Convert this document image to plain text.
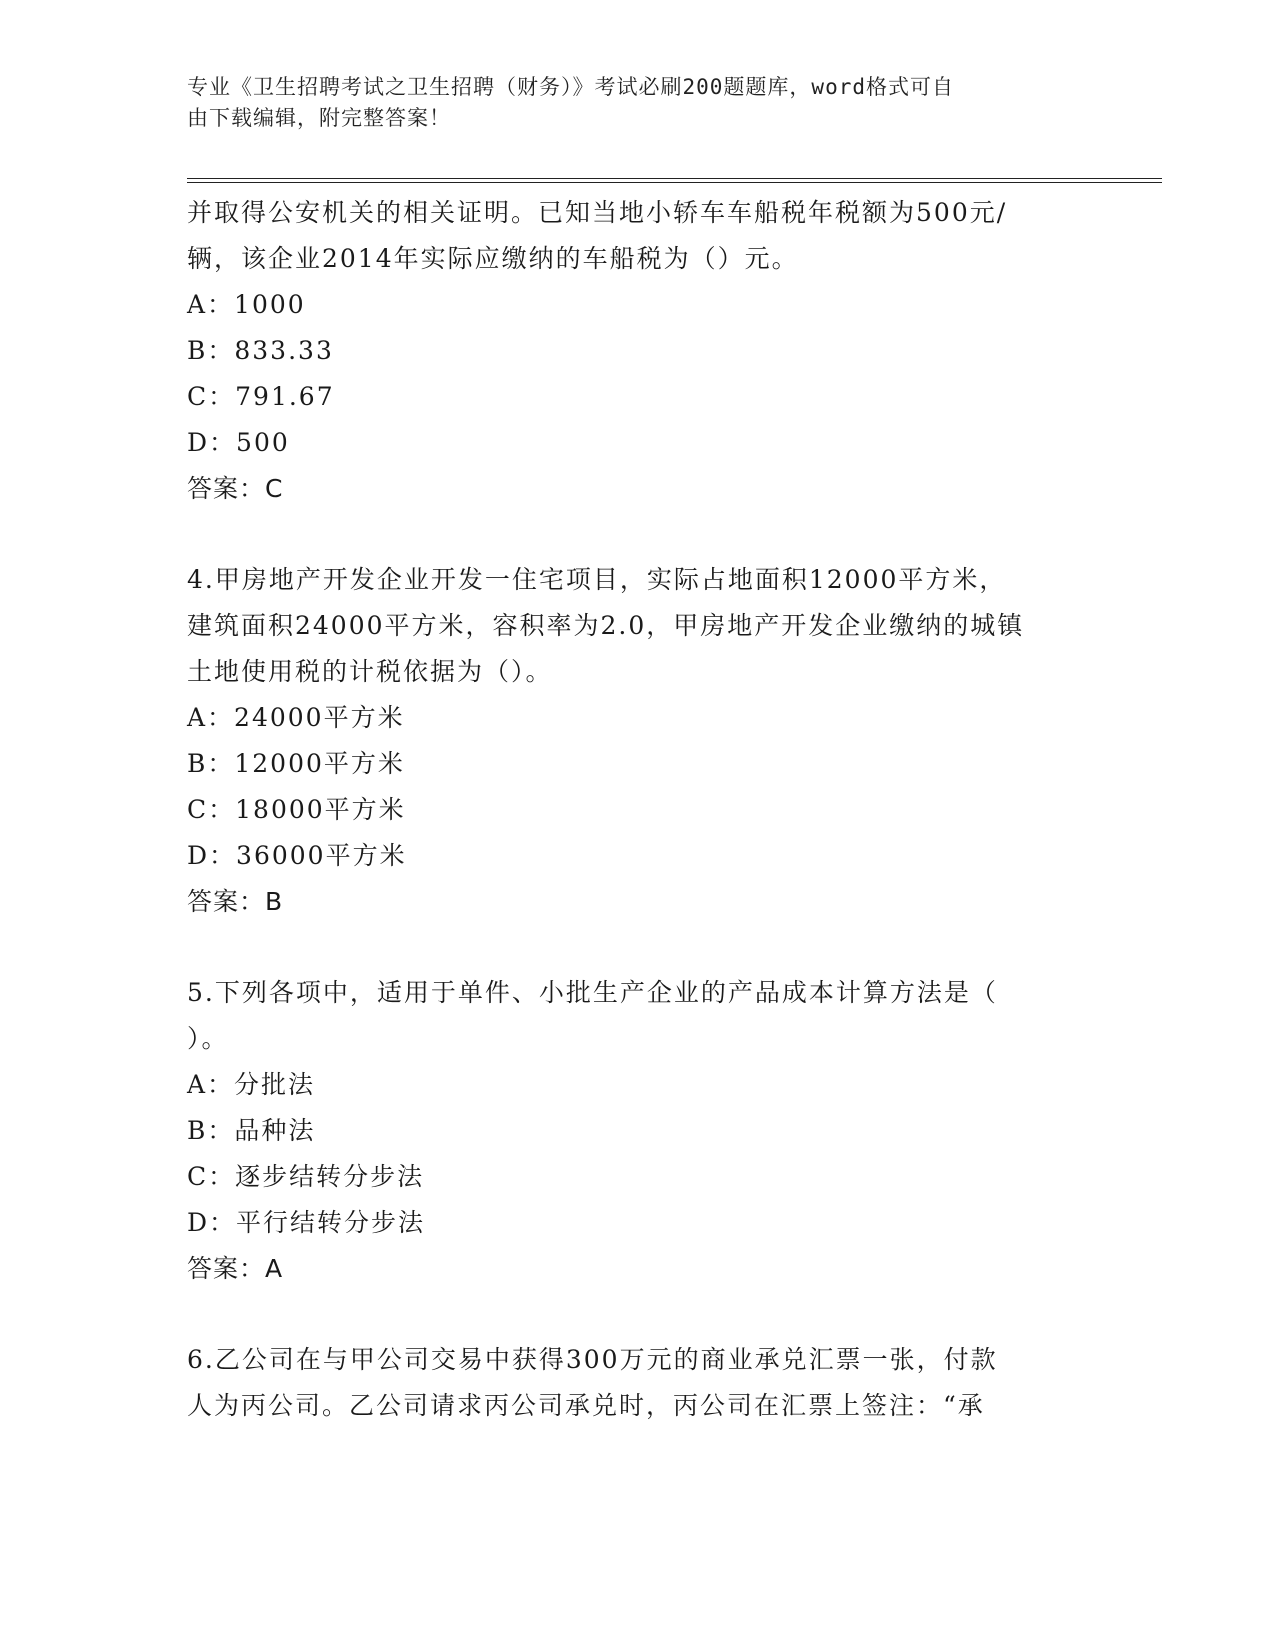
专业《卫生招聘考试之卫生招聘（财务）》考试必刷200题题库，word格式可自
由下载编辑，附完整答案！
并取得公安机关的相关证明。已知当地小轿车车船税年税额为500元/
辆，该企业2014年实际应缴纳的车船税为（）元。
A：1000
B：833.33
C：791.67
D：500
答案：C
4.甲房地产开发企业开发一住宅项目，实际占地面积12000平方米，
建筑面积24000平方米，容积率为2.0，甲房地产开发企业缴纳的城镇
土地使用税的计税依据为（）。
A：24000平方米
B：12000平方米
C：18000平方米
D：36000平方米
答案：B
5.下列各项中，适用于单件、小批生产企业的产品成本计算方法是（
）。
A：分批法
B：品种法
C：逐步结转分步法
D：平行结转分步法
答案：A
6.乙公司在与甲公司交易中获得300万元的商业承兑汇票一张，付款
人为丙公司。乙公司请求丙公司承兑时，丙公司在汇票上签注：“承
